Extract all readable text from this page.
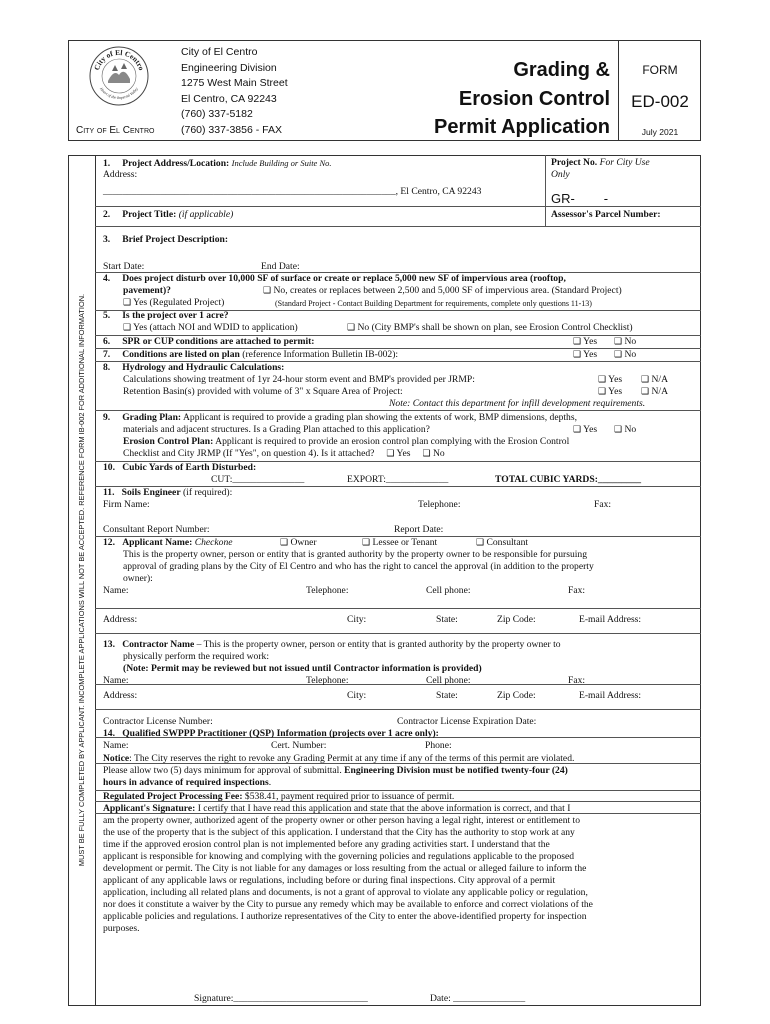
City of El Centro
Heart of the Imperial Valley
City of El Centro
City of El Centro
Engineering Division
1275 West Main Street
El Centro, CA 92243
(760) 337-5182
(760) 337-3856 - FAX
Grading &
Erosion Control
Permit Application
FORM
ED-002
July 2021
MUST BE FULLY COMPLETED BY APPLICANT. INCOMPLETE APPLICATIONS WILL NOT BE ACCEPTED. REFERENCE FORM IB-002 FOR ADDITIONAL INFORMATION.
1. Project Address/Location: Include Building or Suite No.
Address:
_____________________________________________________________, El Centro, CA 92243
Project No. For City Use
Only
GR-        -
2. Project Title: (if applicable)	Assessor's Parcel Number:
3. Brief Project Description:
Start Date:	End Date:
4. Does project disturb over 10,000 SF of surface or create or replace 5,000 new SF of impervious area (rooftop,
pavement)?	❑ No, creates or replaces between 2,500 and 5,000 SF of impervious area. (Standard Project)
❑ Yes (Regulated Project)	(Standard Project - Contact Building Department for requirements, complete only questions 11-13)
5. Is the project over 1 acre?
❑ Yes (attach NOI and WDID to application)	❑ No (City BMP's shall be shown on plan, see Erosion Control Checklist)
6. SPR or CUP conditions are attached to permit:	❑ Yes ❑ No
7. Conditions are listed on plan (reference Information Bulletin IB-002):	❑ Yes ❑ No
8. Hydrology and Hydraulic Calculations:
Calculations showing treatment of 1yr 24-hour storm event and BMP's provided per JRMP:	❑ Yes ❑ N/A
Retention Basin(s) provided with volume of 3" x Square Area of Project:	❑ Yes ❑ N/A
Note: Contact this department for infill development requirements.
9. Grading Plan: Applicant is required to provide a grading plan showing the extents of work, BMP dimensions, depths,
materials and adjacent structures. Is a Grading Plan attached to this application?	❑ Yes ❑ No
Erosion Control Plan: Applicant is required to provide an erosion control plan complying with the Erosion Control
Checklist and City JRMP (If "Yes", on question 4). Is it attached? ❑ Yes ❑ No
10. Cubic Yards of Earth Disturbed:
CUT:_______________	EXPORT:_____________	TOTAL CUBIC YARDS:_________
11. Soils Engineer (if required):
Firm Name:	Telephone:	Fax:
Consultant Report Number:	Report Date:
12. Applicant Name: Checkone	❑ Owner	❑ Lessee or Tenant	❑ Consultant
This is the property owner, person or entity that is granted authority by the property owner to be responsible for pursuing
approval of grading plans by the City of El Centro and who has the right to cancel the approval (in addition to the property
owner):
Name:	Telephone:	Cell phone:	Fax:
Address:	City:	State:	Zip Code:	E-mail Address:
13. Contractor Name – This is the property owner, person or entity that is granted authority by the property owner to
physically perform the required work:
(Note: Permit may be reviewed but not issued until Contractor information is provided)
Name:	Telephone:	Cell phone:	Fax:
Address:	City:	State:	Zip Code:	E-mail Address:
Contractor License Number:	Contractor License Expiration Date:
14. Qualified SWPPP Practitioner (QSP) Information (projects over 1 acre only):
Name:	Cert. Number:	Phone:
Notice: The City reserves the right to revoke any Grading Permit at any time if any of the terms of this permit are violated.
Please allow two (5) days minimum for approval of submittal. Engineering Division must be notified twenty-four (24)
hours in advance of required inspections.
Regulated Project Processing Fee: $538.41, payment required prior to issuance of permit.
Applicant's Signature: I certify that I have read this application and state that the above information is correct, and that I
am the property owner, authorized agent of the property owner or other person having a legal right, interest or entitlement to
the use of the property that is the subject of this application. I understand that the City has the authority to stop work at any
time if the approved erosion control plan is not implemented before any grading activities start. I understand that the
applicant is responsible for knowing and complying with the governing policies and regulations applicable to the proposed
development or permit. The City is not liable for any damages or loss resulting from the actual or alleged failure to inform the
applicant of any applicable laws or regulations, including before or during final inspections. City approval of a permit
application, including all related plans and documents, is not a grant of approval to violate any applicable policy or regulation,
nor does it constitute a waiver by the City to pursue any remedy which may be available to enforce and correct violations of the
applicable policies and regulations. I authorize representatives of the City to enter the above-identified property for inspection
purposes.
Signature:____________________________	Date: _______________
